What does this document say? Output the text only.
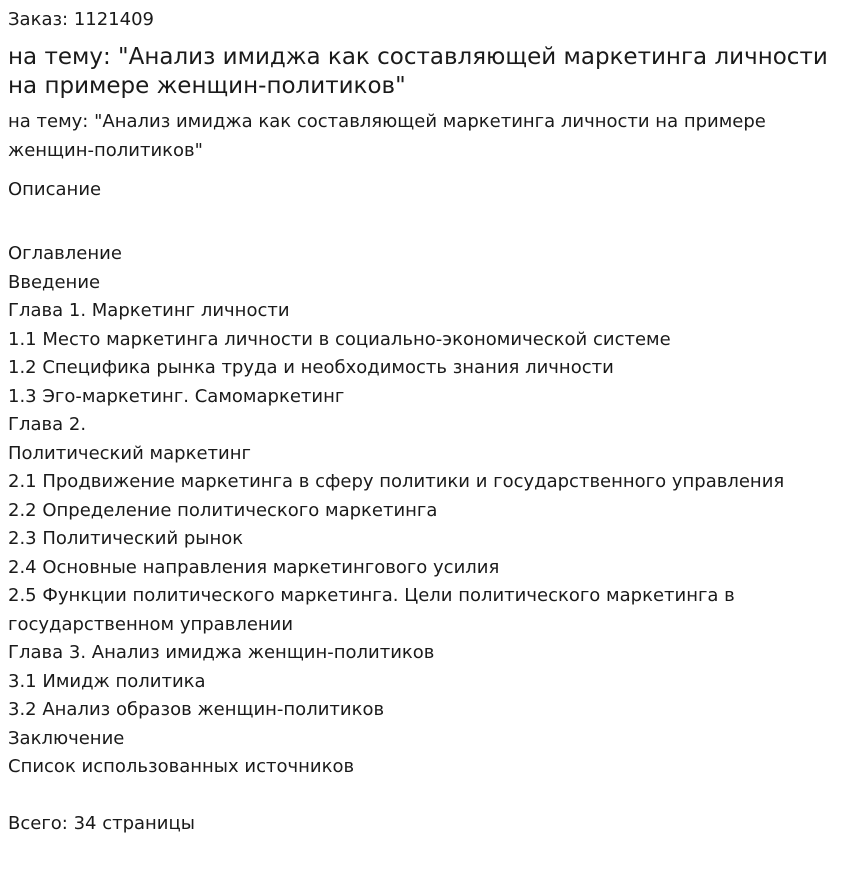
Заказ: 1121409
на тему: "Анализ имиджа как составляющей маркетинга личности на примере женщин-политиков"
на тему: "Анализ имиджа как составляющей маркетинга личности на примере женщин-политиков"
Описание
Оглавление
Введение
Глава 1. Маркетинг личности
1.1 Место маркетинга личности в социально-экономической системе
1.2 Специфика рынка труда и необходимость знания личности
1.3 Эго-маркетинг. Самомаркетинг
Глава 2.
Политический маркетинг
2.1 Продвижение маркетинга в сферу политики и государственного управления
2.2 Определение политического маркетинга
2.3 Политический рынок
2.4 Основные направления маркетингового усилия
2.5 Функции политического маркетинга. Цели политического маркетинга в государственном управлении
Глава 3. Анализ имиджа женщин-политиков
3.1 Имидж политика
3.2 Анализ образов женщин-политиков
Заключение
Список использованных источников
Всего: 34 страницы
